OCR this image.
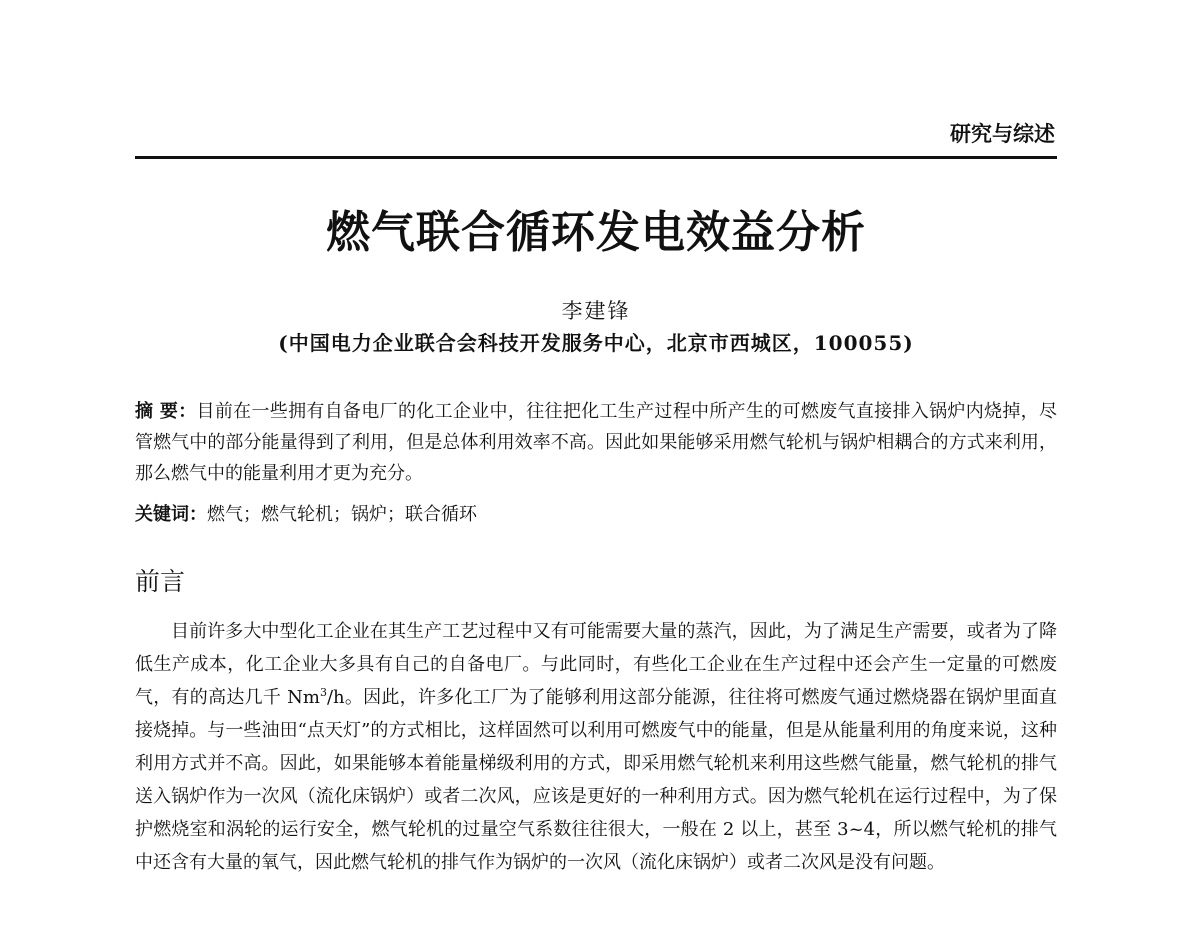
研究与综述
燃气联合循环发电效益分析
李建锋
(中国电力企业联合会科技开发服务中心，北京市西城区，100055)
摘 要：目前在一些拥有自备电厂的化工企业中，往往把化工生产过程中所产生的可燃废气直接排入锅炉内烧掉，尽管燃气中的部分能量得到了利用，但是总体利用效率不高。因此如果能够采用燃气轮机与锅炉相耦合的方式来利用，那么燃气中的能量利用才更为充分。
关键词：燃气；燃气轮机；锅炉；联合循环
前言
目前许多大中型化工企业在其生产工艺过程中又有可能需要大量的蒸汽，因此，为了满足生产需要，或者为了降低生产成本，化工企业大多具有自己的自备电厂。与此同时，有些化工企业在生产过程中还会产生一定量的可燃废气，有的高达几千 Nm$^3$/h。因此，许多化工厂为了能够利用这部分能源，往往将可燃废气通过燃烧器在锅炉里面直接烧掉。与一些油田“点天灯”的方式相比，这样固然可以利用可燃废气中的能量，但是从能量利用的角度来说，这种利用方式并不高。因此，如果能够本着能量梯级利用的方式，即采用燃气轮机来利用这些燃气能量，燃气轮机的排气送入锅炉作为一次风（流化床锅炉）或者二次风，应该是更好的一种利用方式。因为燃气轮机在运行过程中，为了保护燃烧室和涡轮的运行安全，燃气轮机的过量空气系数往往很大，一般在 2 以上，甚至 3~4，所以燃气轮机的排气中还含有大量的氧气，因此燃气轮机的排气作为锅炉的一次风（流化床锅炉）或者二次风是没有问题。
